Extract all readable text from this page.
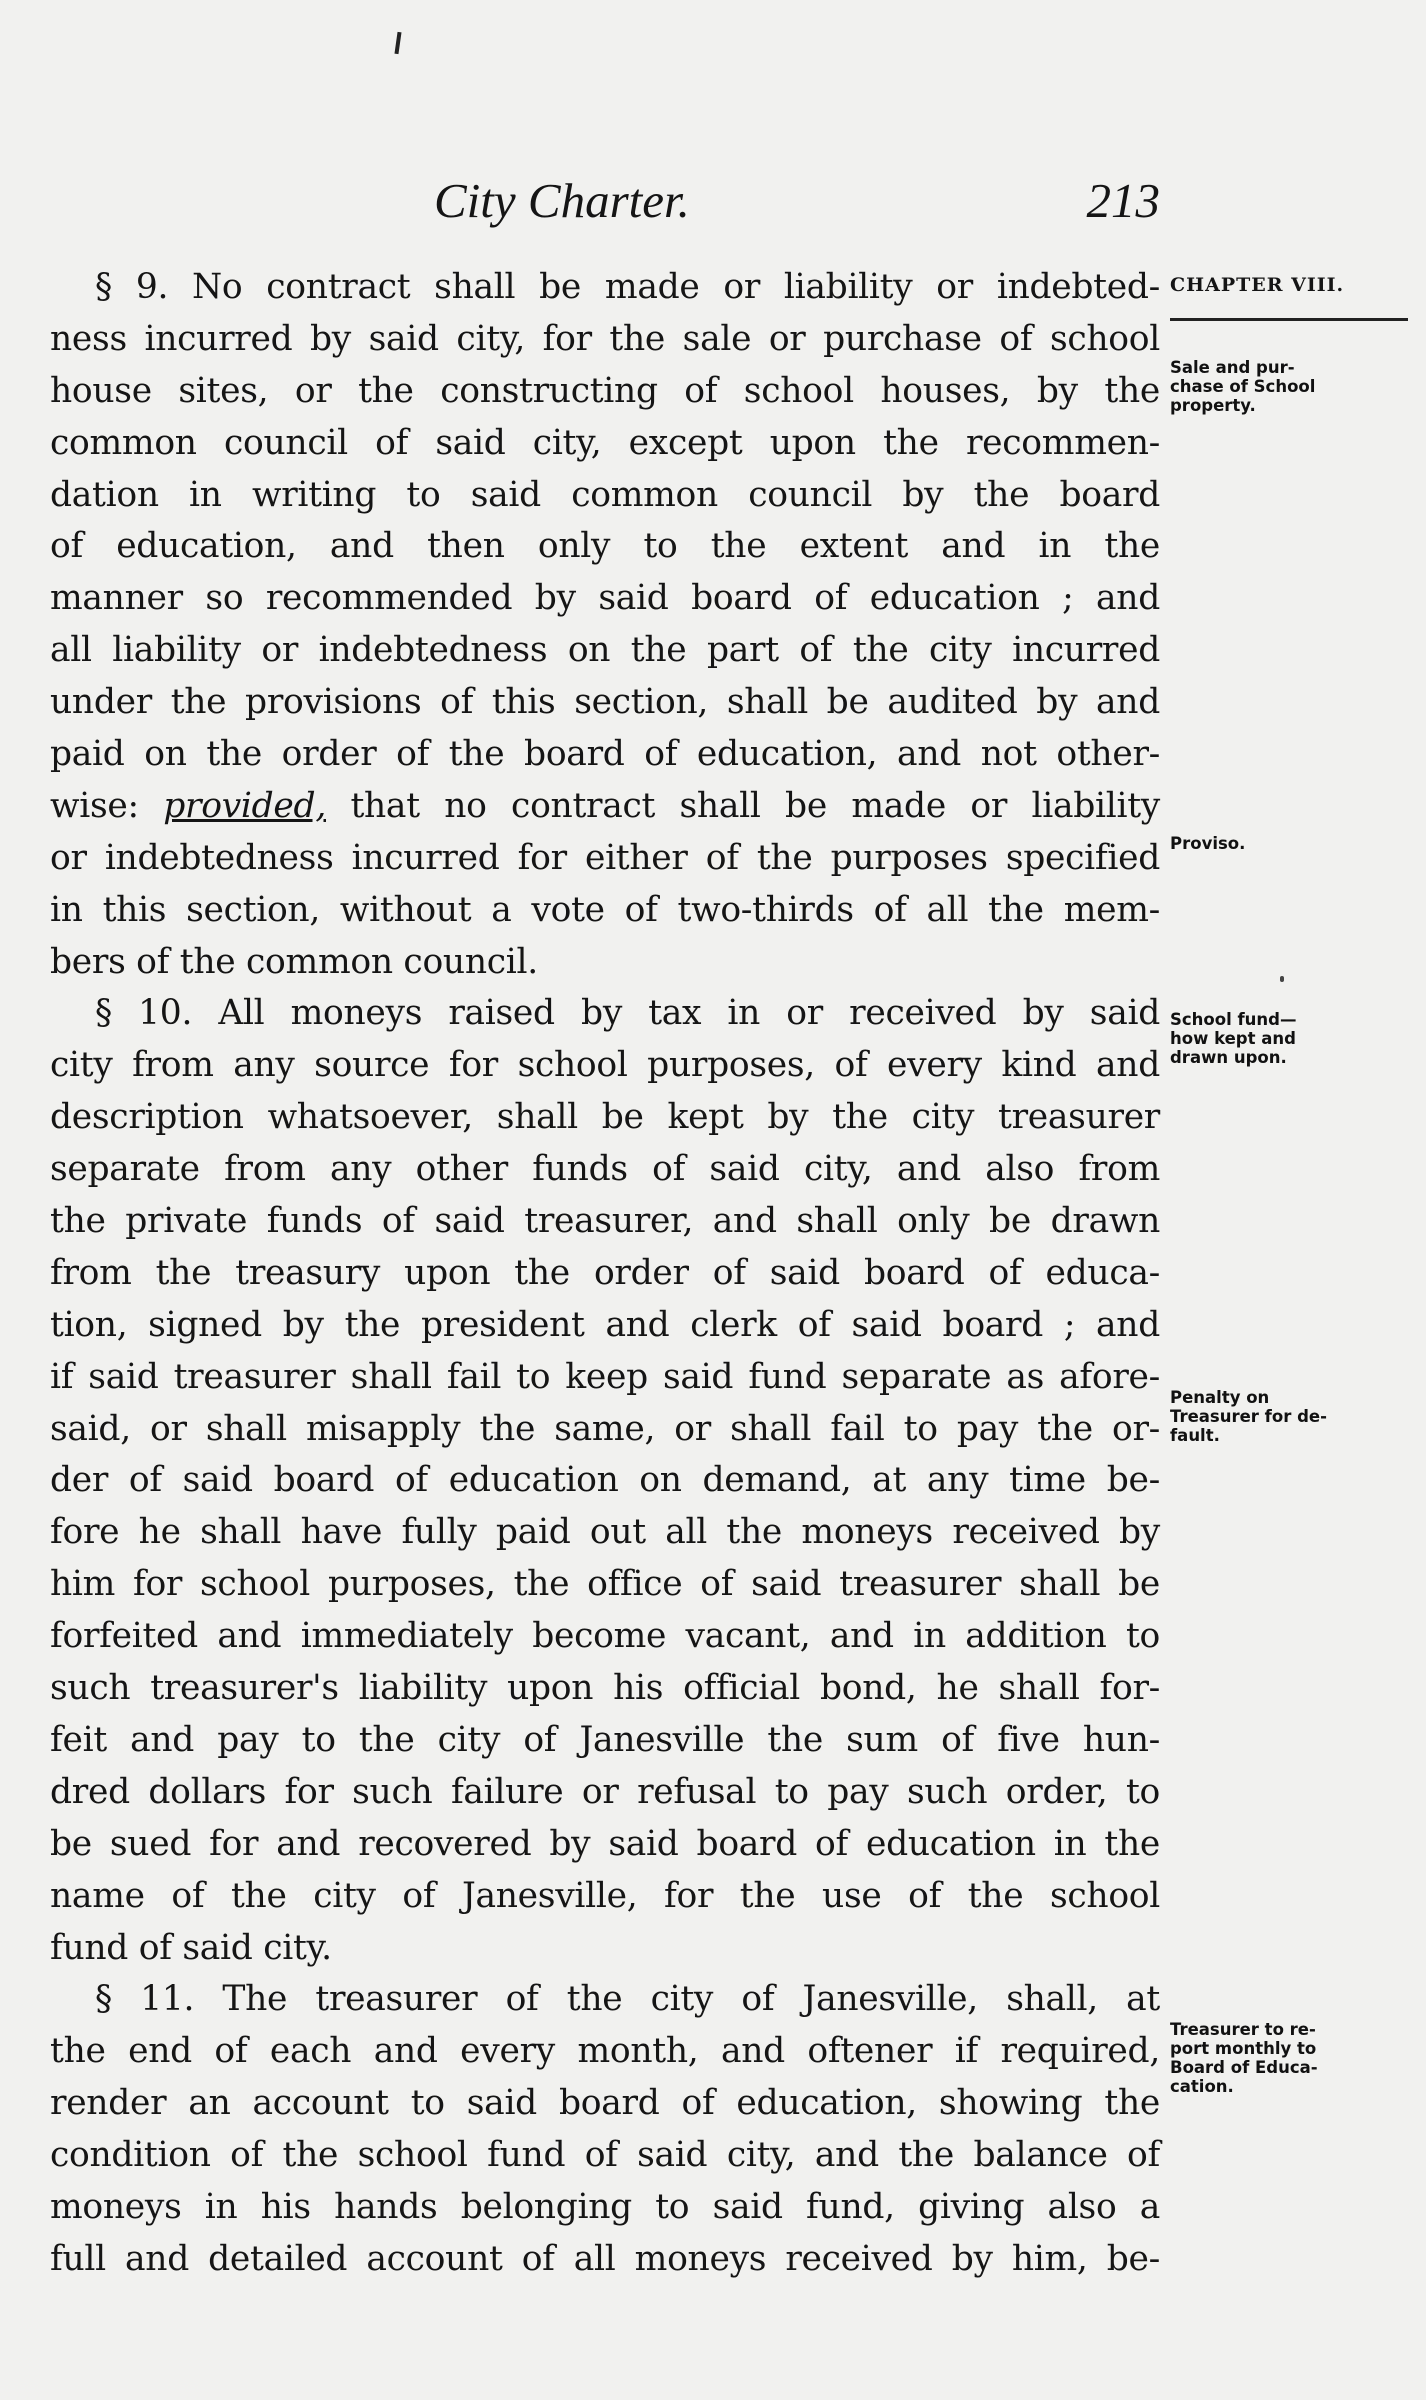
City Charter.	213
§ 9. No contract shall be made or liability or indebted-
ness incurred by said city, for the sale or purchase of school
house sites, or the constructing of school houses, by the
common council of said city, except upon the recommen-
dation in writing to said common council by the board
of education, and then only to the extent and in the
manner so recommended by said board of education ; and
all liability or indebtedness on the part of the city incurred
under the provisions of this section, shall be audited by and
paid on the order of the board of education, and not other-
wise: provided, that no contract shall be made or liability
or indebtedness incurred for either of the purposes specified
in this section, without a vote of two-thirds of all the mem-
bers of the common council.
§ 10. All moneys raised by tax in or received by said
city from any source for school purposes, of every kind and
description whatsoever, shall be kept by the city treasurer
separate from any other funds of said city, and also from
the private funds of said treasurer, and shall only be drawn
from the treasury upon the order of said board of educa-
tion, signed by the president and clerk of said board ; and
if said treasurer shall fail to keep said fund separate as afore-
said, or shall misapply the same, or shall fail to pay the or-
der of said board of education on demand, at any time be-
fore he shall have fully paid out all the moneys received by
him for school purposes, the office of said treasurer shall be
forfeited and immediately become vacant, and in addition to
such treasurer's liability upon his official bond, he shall for-
feit and pay to the city of Janesville the sum of five hun-
dred dollars for such failure or refusal to pay such order, to
be sued for and recovered by said board of education in the
name of the city of Janesville, for the use of the school
fund of said city.
§ 11. The treasurer of the city of Janesville, shall, at
the end of each and every month, and oftener if required,
render an account to said board of education, showing the
condition of the school fund of said city, and the balance of
moneys in his hands belonging to said fund, giving also a
full and detailed account of all moneys received by him, be-
CHAPTER VIII.
Sale and pur-
chase of School
property.
Proviso.
School fund—
how kept and
drawn upon.
Penalty on
Treasurer for de-
fault.
Treasurer to re-
port monthly to
Board of Educa-
cation.
